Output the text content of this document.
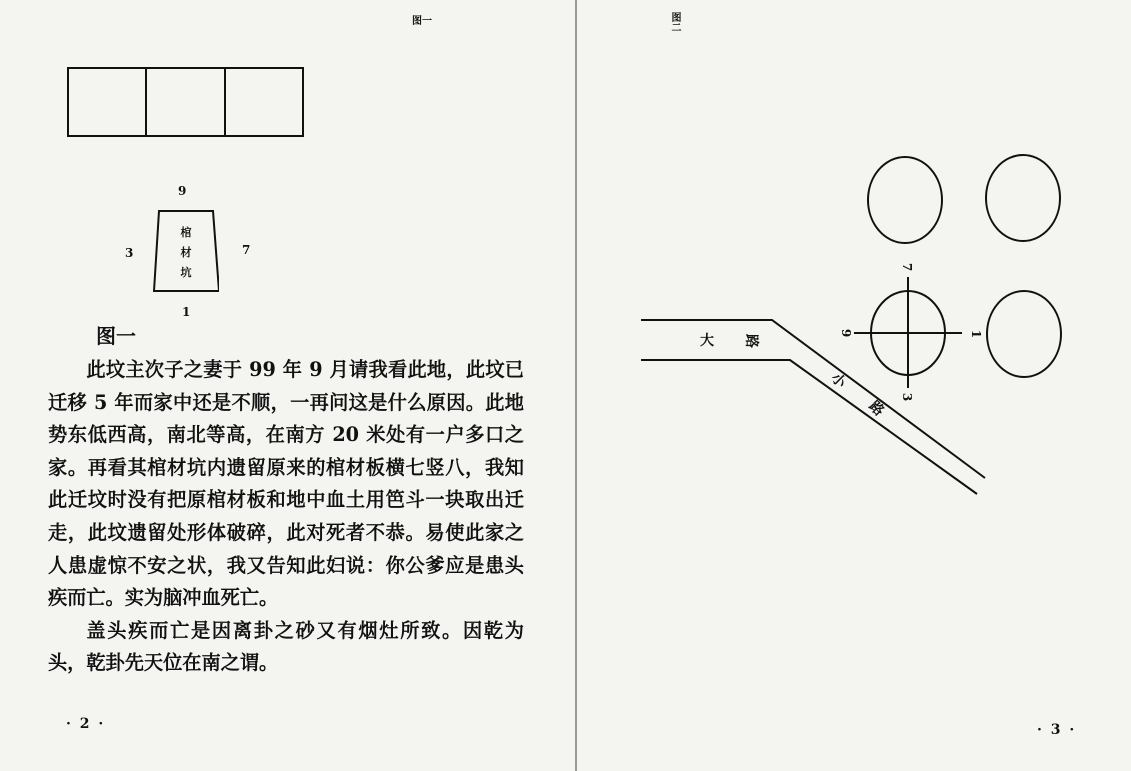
图一
9
3	7
1
棺
材
坑
图一

此坟主次子之妻于 99 年 9 月请我看此地，此坟已迁移 5 年而家中还是不顺，一再问这是什么原因。此地势东低西高，南北等高，在南方 20 米处有一户多口之家。再看其棺材坑内遗留原来的棺材板横七竖八，我知此迁坟时没有把原棺材板和地中血土用笆斗一块取出迁走，此坟遗留处形体破碎，此对死者不恭。易使此家之人患虚惊不安之状，我又告知此妇说：你公爹应是患头疾而亡。实为脑冲血死亡。

盖头疾而亡是因离卦之砂又有烟灶所致。因乾为头，乾卦先天位在南之谓。

· 2 ·
图二
7
9	1
3
大 路
小
路
· 3 ·
